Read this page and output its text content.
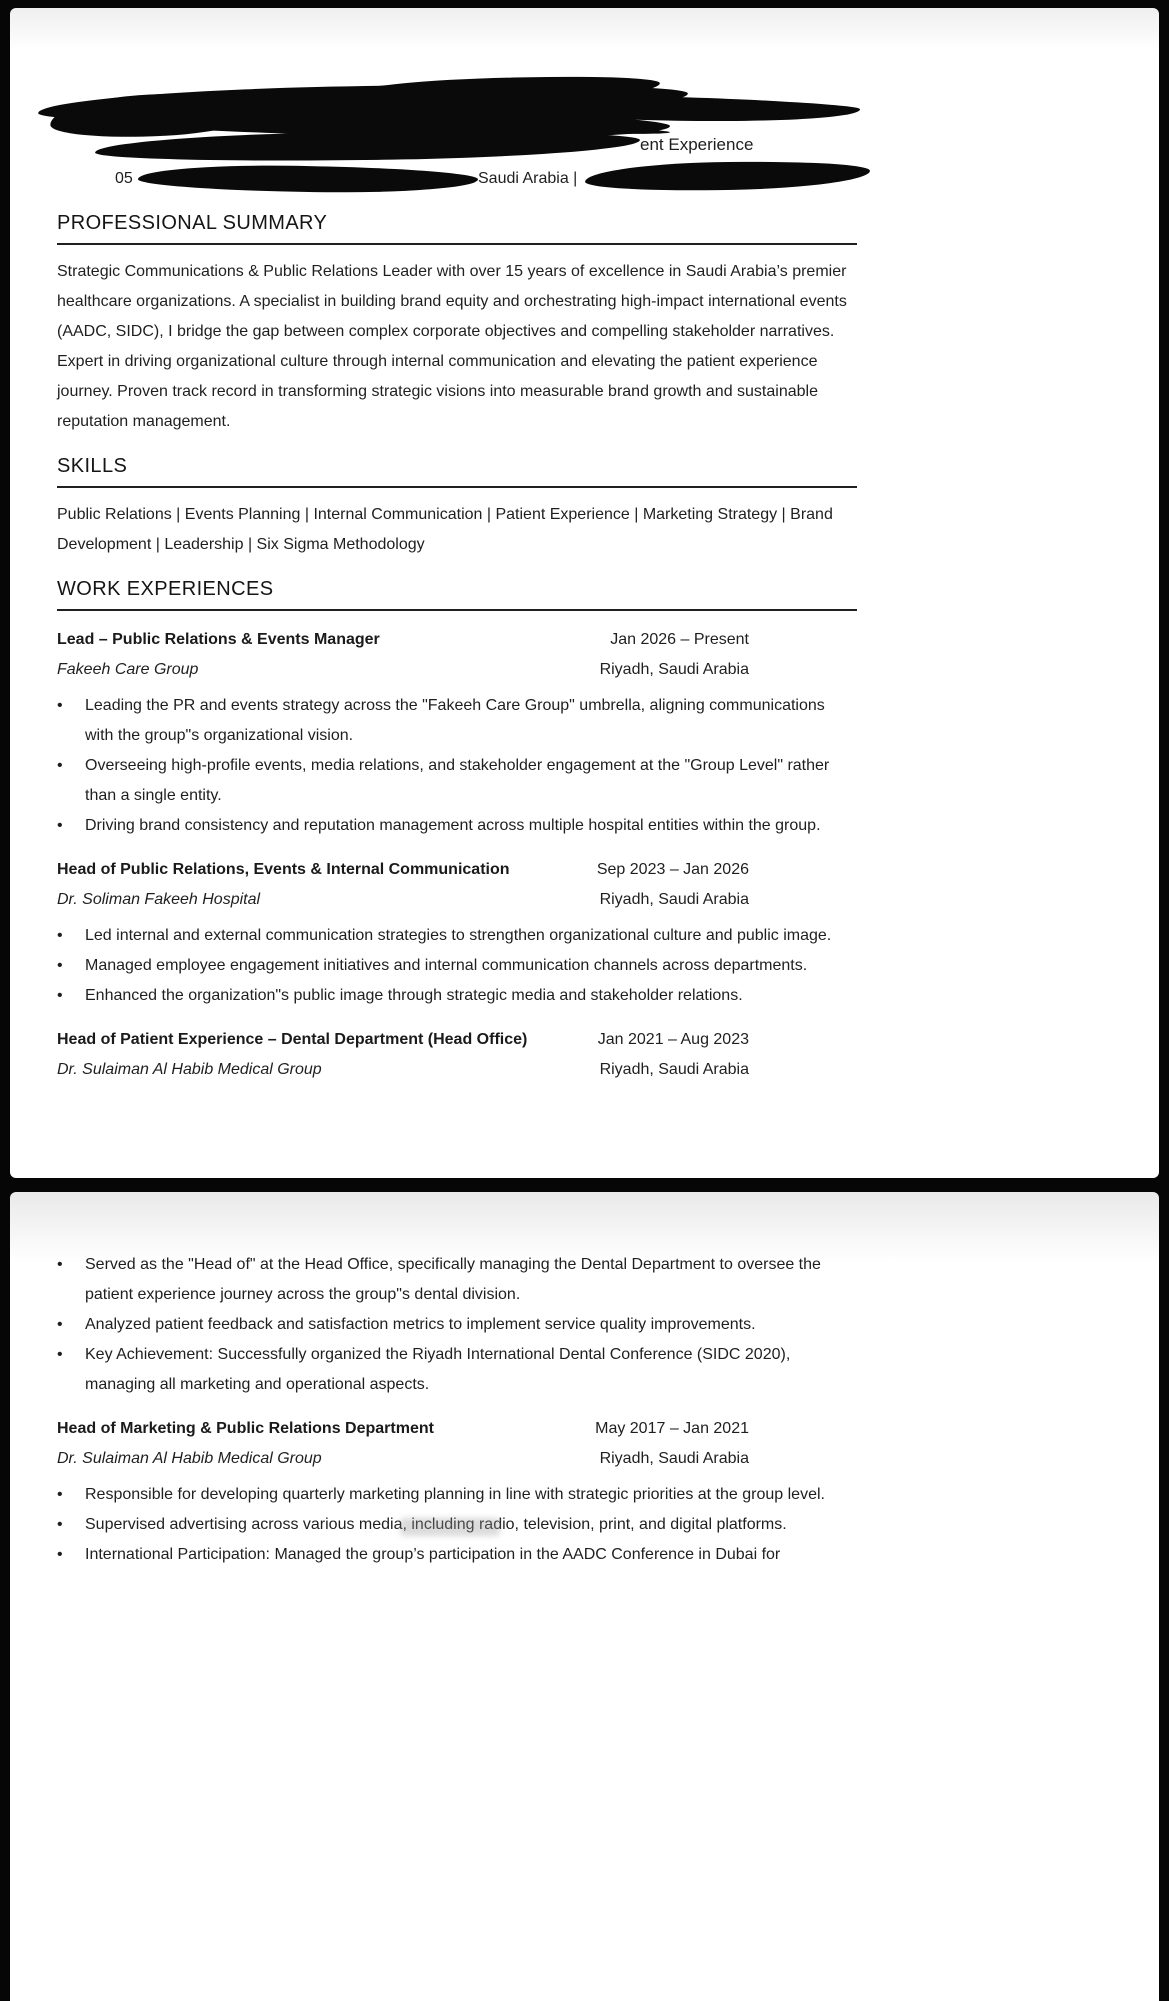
ent Experience
05	Saudi Arabia |
PROFESSIONAL SUMMARY

Strategic Communications & Public Relations Leader with over 15 years of excellence in Saudi Arabia’s premier healthcare organizations. A specialist in building brand equity and orchestrating high-impact international events (AADC, SIDC), I bridge the gap between complex corporate objectives and compelling stakeholder narratives. Expert in driving organizational culture through internal communication and elevating the patient experience journey. Proven track record in transforming strategic visions into measurable brand growth and sustainable reputation management.

SKILLS

Public Relations | Events Planning | Internal Communication | Patient Experience | Marketing Strategy | Brand Development | Leadership | Six Sigma Methodology

WORK EXPERIENCES
Lead – Public Relations & Events Manager	Jan 2026 – Present
Fakeeh Care Group	Riyadh, Saudi Arabia
•	Leading the PR and events strategy across the "Fakeeh Care Group" umbrella, aligning communications with the group"s organizational vision.
•	Overseeing high-profile events, media relations, and stakeholder engagement at the "Group Level" rather than a single entity.
•	Driving brand consistency and reputation management across multiple hospital entities within the group.
Head of Public Relations, Events & Internal Communication	Sep 2023 – Jan 2026
Dr. Soliman Fakeeh Hospital	Riyadh, Saudi Arabia
•	Led internal and external communication strategies to strengthen organizational culture and public image.
•	Managed employee engagement initiatives and internal communication channels across departments.
•	Enhanced the organization"s public image through strategic media and stakeholder relations.
Head of Patient Experience – Dental Department (Head Office)	Jan 2021 – Aug 2023
Dr. Sulaiman Al Habib Medical Group	Riyadh, Saudi Arabia
•	Served as the "Head of" at the Head Office, specifically managing the Dental Department to oversee the patient experience journey across the group"s dental division.
•	Analyzed patient feedback and satisfaction metrics to implement service quality improvements.
•	Key Achievement: Successfully organized the Riyadh International Dental Conference (SIDC 2020), managing all marketing and operational aspects.
Head of Marketing & Public Relations Department	May 2017 – Jan 2021
Dr. Sulaiman Al Habib Medical Group	Riyadh, Saudi Arabia
•	Responsible for developing quarterly marketing planning in line with strategic priorities at the group level.
•	Supervised advertising across various media, including radio, television, print, and digital platforms.
•	International Participation: Managed the group’s participation in the AADC Conference in Dubai for
